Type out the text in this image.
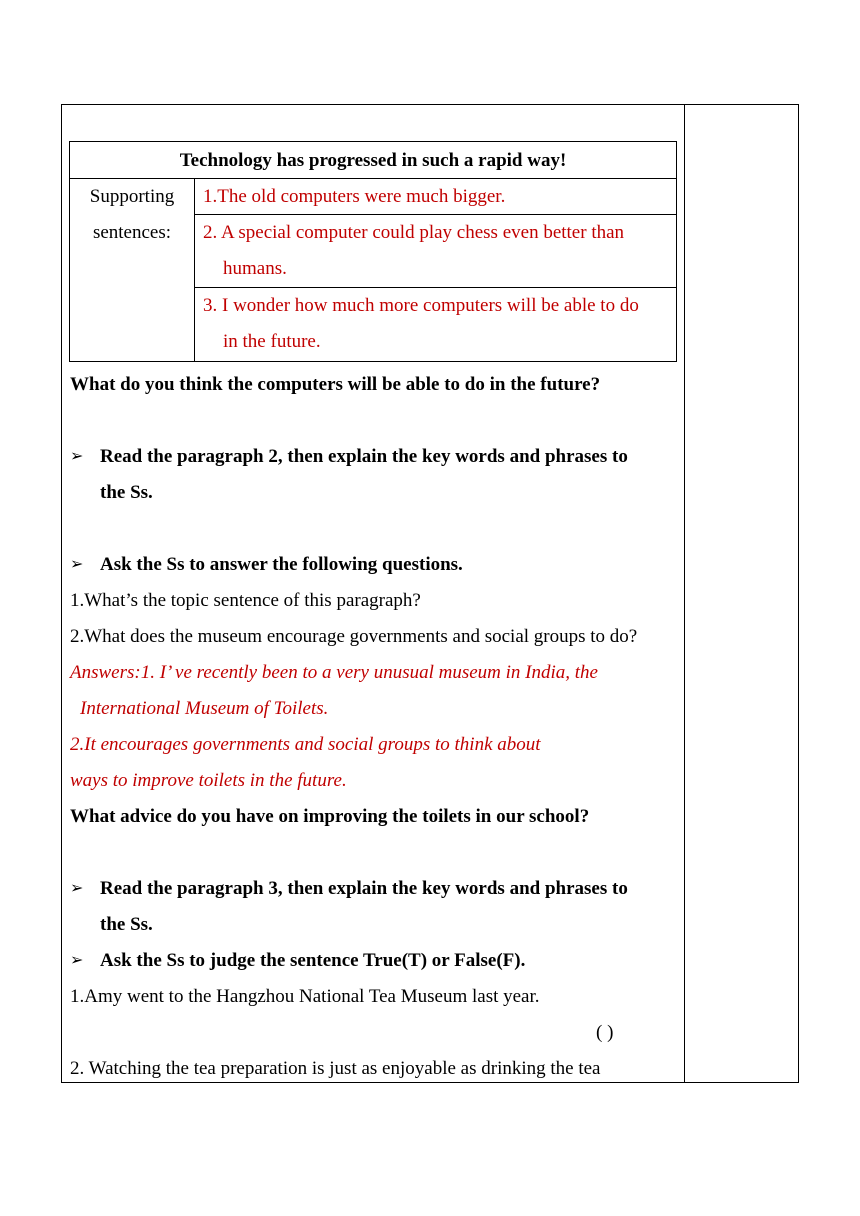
Technology has progressed in such a rapid way!
Supporting
sentences:
1.The old computers were much bigger.
2. A special computer could play chess even better than
humans.
3. I wonder how much more computers will be able to do
in the future.
What do you think the computers will be able to do in the future?
➢ Read the paragraph 2, then explain the key words and phrases to
the Ss.
➢ Ask the Ss to answer the following questions.
1.What’s the topic sentence of this paragraph?
2.What does the museum encourage governments and social groups to do?
Answers:1. I’ ve recently been to a very unusual museum in India, the
International Museum of Toilets.
2.It encourages governments and social groups to think about
ways to improve toilets in the future.
What advice do you have on improving the toilets in our school?
➢ Read the paragraph 3, then explain the key words and phrases to
the Ss.
➢ Ask the Ss to judge the sentence True(T) or False(F).
1.Amy went to the Hangzhou National Tea Museum last year.
( )
2. Watching the tea preparation is just as enjoyable as drinking the tea
